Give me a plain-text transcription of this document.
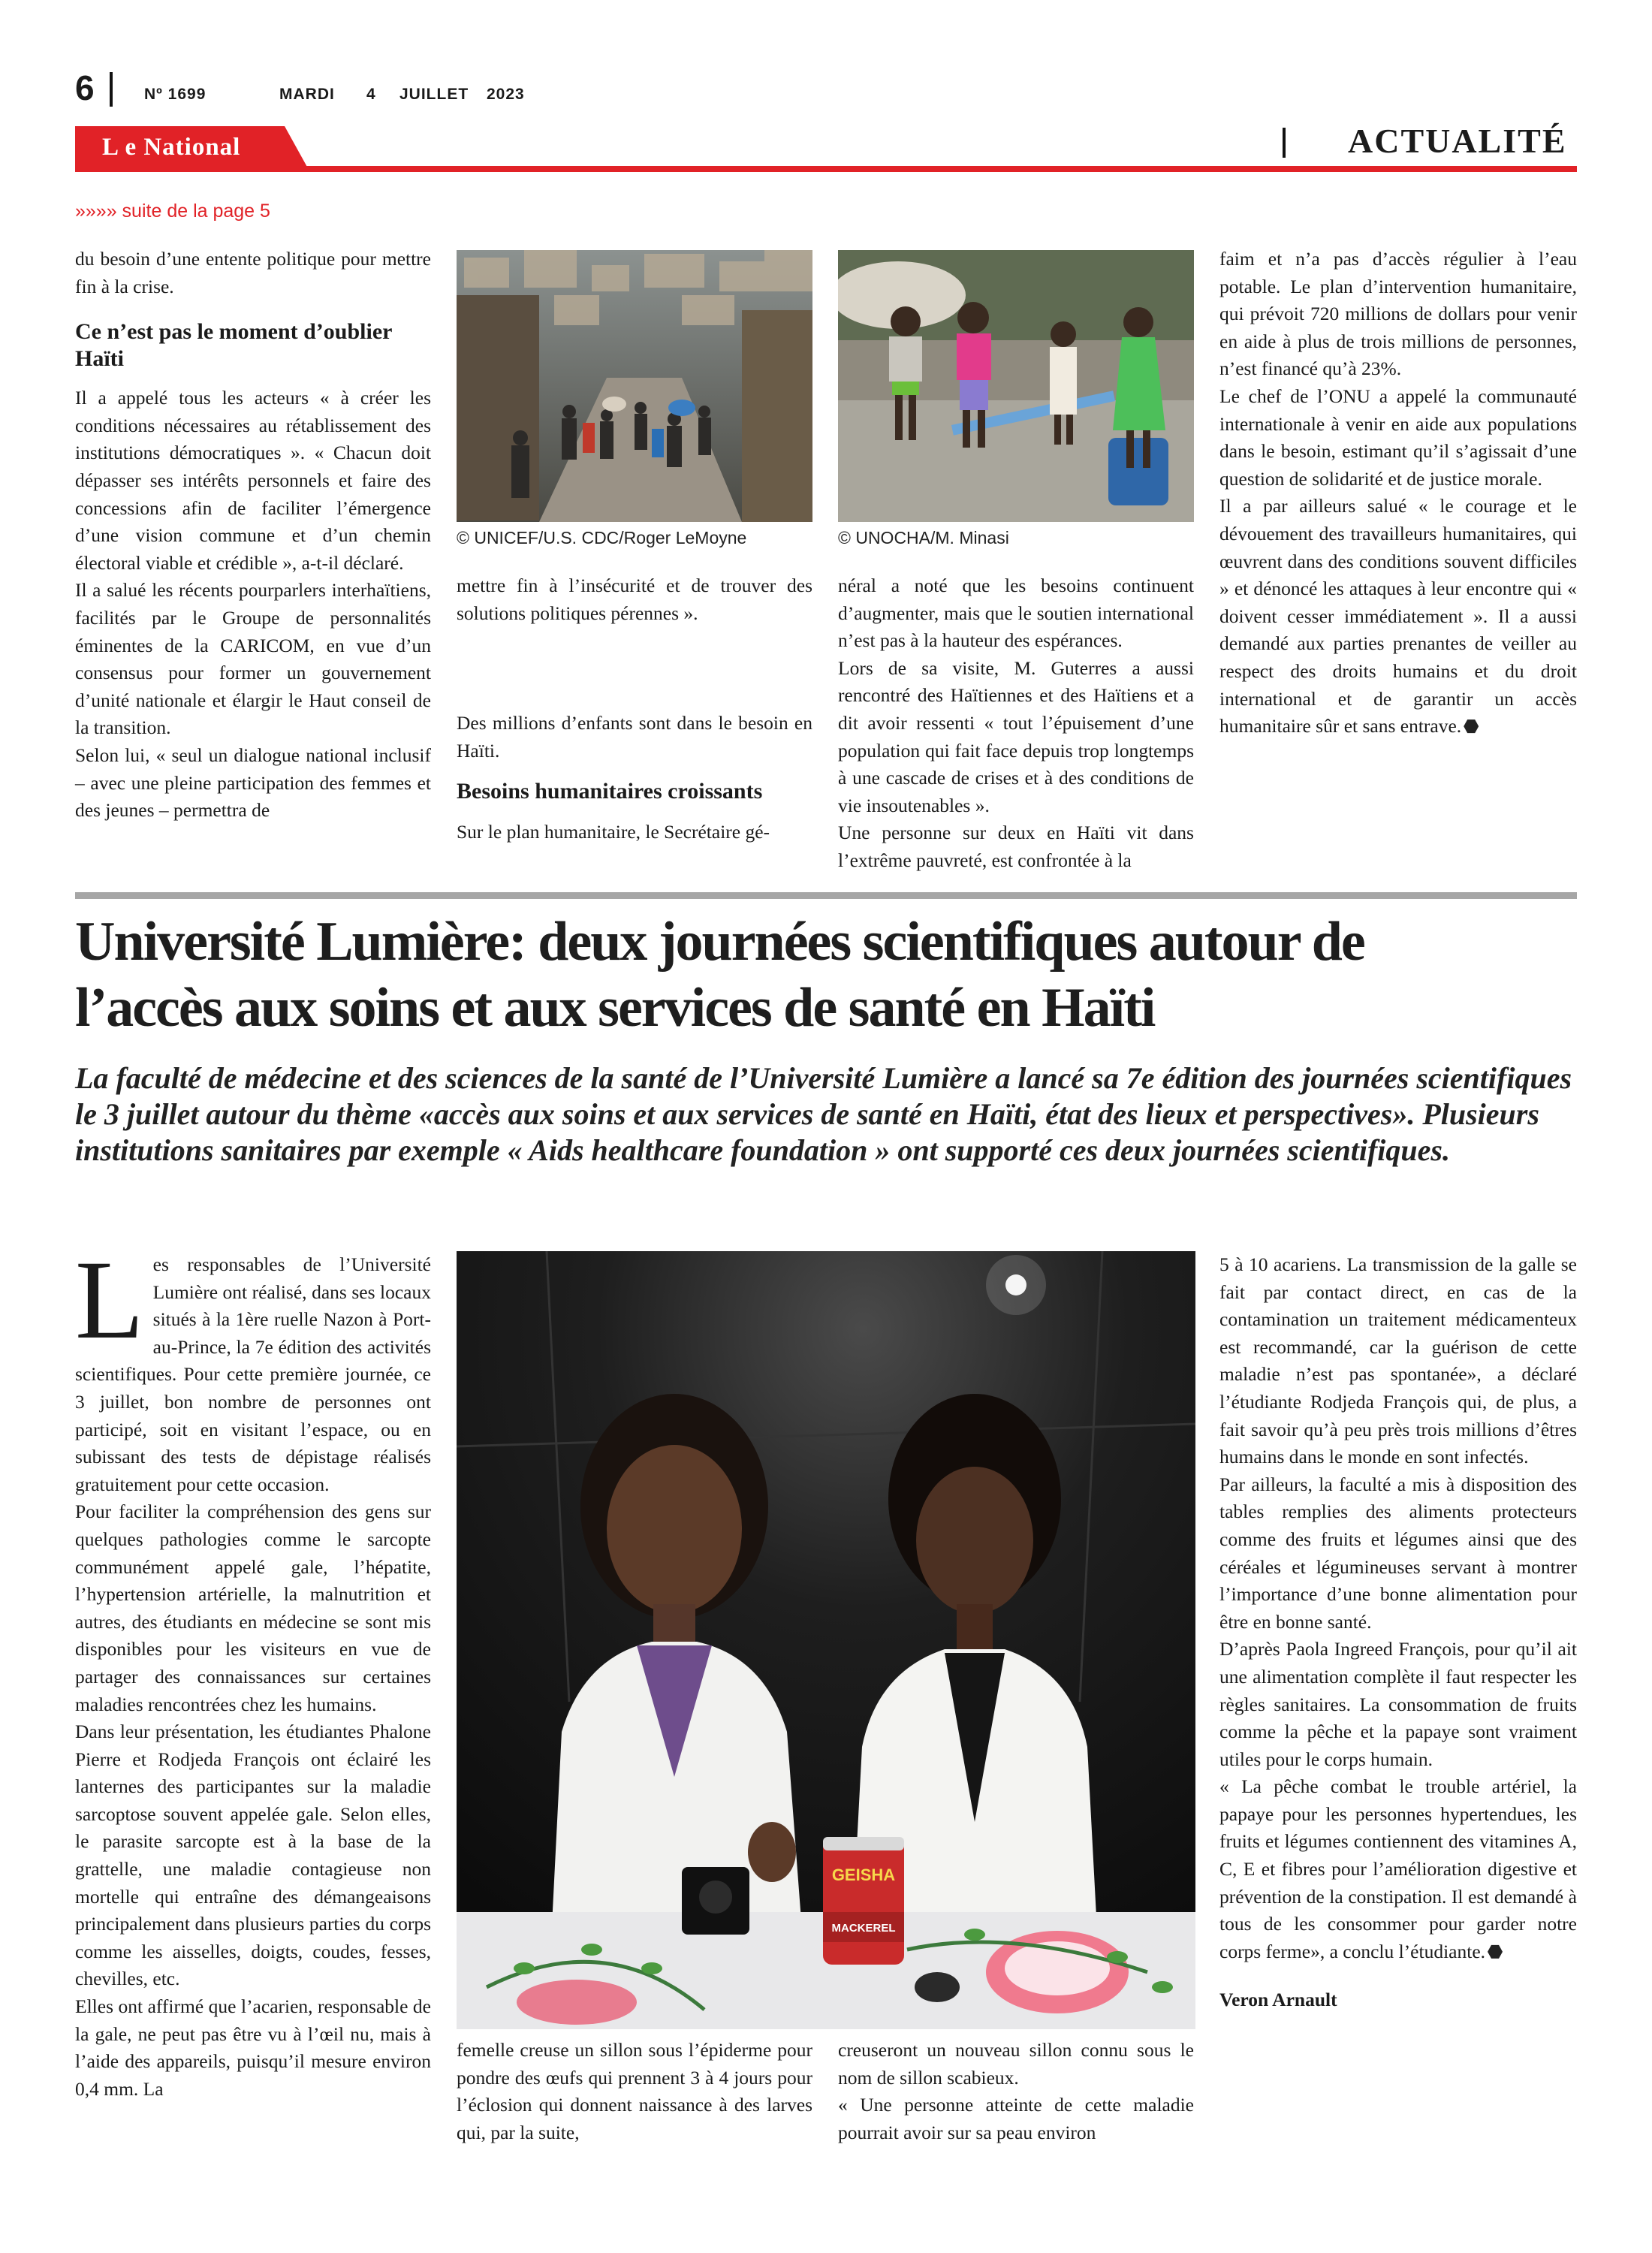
6	Nº 1699	MARDI 4 JUILLET 2023
L e National	ACTUALITÉ
»»»» suite de la page 5

du besoin d’une entente politique pour mettre fin à la crise.

Ce n’est pas le moment d’oublier Haïti

Il a appelé tous les acteurs « à créer les conditions nécessaires au rétablissement des institutions démocratiques ». « Chacun doit dépasser ses intérêts personnels et faire des concessions afin de faciliter l’émergence d’une vision commune et d’un chemin électoral viable et crédible », a-t-il déclaré.

Il a salué les récents pourparlers interhaïtiens, facilités par le Groupe de personnalités éminentes de la CARICOM, en vue d’un consensus pour former un gouvernement d’unité nationale et élargir le Haut conseil de la transition.

Selon lui, « seul un dialogue national inclusif – avec une pleine participation des femmes et des jeunes – permettra de

© UNICEF/U.S. CDC/Roger LeMoyne

mettre fin à l’insécurité et de trouver des solutions politiques pérennes ».

Des millions d’enfants sont dans le besoin en Haïti.

Besoins humanitaires croissants

Sur le plan humanitaire, le Secrétaire gé-

© UNOCHA/M. Minasi

néral a noté que les besoins continuent d’augmenter, mais que le soutien international n’est pas à la hauteur des espérances.

Lors de sa visite, M. Guterres a aussi rencontré des Haïtiennes et des Haïtiens et a dit avoir ressenti « tout l’épuisement d’une population qui fait face depuis trop longtemps à une cascade de crises et à des conditions de vie insoutenables ».

Une personne sur deux en Haïti vit dans l’extrême pauvreté, est confrontée à la

faim et n’a pas d’accès régulier à l’eau potable. Le plan d’intervention humanitaire, qui prévoit 720 millions de dollars pour venir en aide à plus de trois millions de personnes, n’est financé qu’à 23%.

Le chef de l’ONU a appelé la communauté internationale à venir en aide aux populations dans le besoin, estimant qu’il s’agissait d’une question de solidarité et de justice morale.

Il a par ailleurs salué « le courage et le dévouement des travailleurs humanitaires, qui œuvrent dans des conditions souvent difficiles » et dénoncé les attaques à leur encontre qui « doivent cesser immédiatement ». Il a aussi demandé aux parties prenantes de veiller au respect des droits humains et du droit international et de garantir un accès humanitaire sûr et sans entrave.

Université Lumière: deux journées scientifiques autour de
l’accès aux soins et aux services de santé en Haïti
La faculté de médecine et des sciences de la santé de l’Université Lumière a lancé sa 7e édition des journées scientifiques le 3 juillet autour du thème «accès aux soins et aux services de santé en Haïti, état des lieux et perspectives». Plusieurs institutions sanitaires par exemple « Aids healthcare foundation » ont supporté ces deux journées scientifiques.

Les responsables de l’Université Lumière ont réalisé, dans ses locaux situés à la 1ère ruelle Nazon à Port-au-Prince, la 7e édition des activités scientifiques. Pour cette première journée, ce 3 juillet, bon nombre de personnes ont participé, soit en visitant l’espace, ou en subissant des tests de dépistage réalisés gratuitement pour cette occasion.

Pour faciliter la compréhension des gens sur quelques pathologies comme le sarcopte communément appelé gale, l’hépatite, l’hypertension artérielle, la malnutrition et autres, des étudiants en médecine se sont mis disponibles pour les visiteurs en vue de partager des connaissances sur certaines maladies rencontrées chez les humains.

Dans leur présentation, les étudiantes Phalone Pierre et Rodjeda François ont éclairé les lanternes des participantes sur la maladie sarcoptose souvent appelée gale. Selon elles, le parasite sarcopte est à la base de la grattelle, une maladie contagieuse non mortelle qui entraîne des démangeaisons principalement dans plusieurs parties du corps comme les aisselles, doigts, coudes, fesses, chevilles, etc.

Elles ont affirmé que l’acarien, responsable de la gale, ne peut pas être vu à l’œil nu, mais à l’aide des appareils, puisqu’il mesure environ 0,4 mm. La

GEISHA
MACKEREL

femelle creuse un sillon sous l’épiderme pour pondre des œufs qui prennent 3 à 4 jours pour l’éclosion qui donnent naissance à des larves qui, par la suite,

creuseront un nouveau sillon connu sous le nom de sillon scabieux.

« Une personne atteinte de cette maladie pourrait avoir sur sa peau environ

5 à 10 acariens. La transmission de la galle se fait par contact direct, en cas de la contamination un traitement médicamenteux est recommandé, car la guérison de cette maladie n’est pas spontanée», a déclaré l’étudiante Rodjeda François qui, de plus, a fait savoir qu’à peu près trois millions d’êtres humains dans le monde en sont infectés.

Par ailleurs, la faculté a mis à disposition des tables remplies des aliments protecteurs comme des fruits et légumes ainsi que des céréales et légumineuses servant à montrer l’importance d’une bonne alimentation pour être en bonne santé.

D’après Paola Ingreed François, pour qu’il ait une alimentation complète il faut respecter les règles sanitaires. La consommation de fruits comme la pêche et la papaye sont vraiment utiles pour le corps humain.

« La pêche combat le trouble artériel, la papaye pour les personnes hypertendues, les fruits et légumes contiennent des vitamines A, C, E et fibres pour l’amélioration digestive et prévention de la constipation. Il est demandé à tous de les consommer pour garder notre corps ferme», a conclu l’étudiante.

Veron Arnault
